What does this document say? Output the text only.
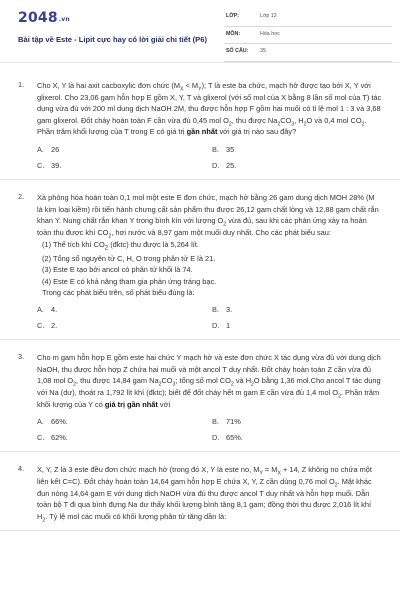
2048.vn
Bài tập về Este - Lipit cực hay có lời giải chi tiết (P6)
LỚP:	Lớp 12
MÔN:	Hóa học
SỐ CÂU: 35
1. Cho X, Y là hai axit cacboxylic đơn chức $(M_X < M_Y)$; T là este ba chức, mạch hở được tạo bởi X, Y với glixerol. Cho 23,06 gam hỗn hợp E gồm X, Y, T và glixerol (với số mol của X bằng 8 lần số mol của T) tác dụng vừa đủ với 200 ml dung dịch NaOH 2M, thu được hỗn hợp F gồm hai muối có tỉ lệ mol 1 : 3 và 3,68 gam glixerol. Đốt cháy hoàn toàn F cần vừa đủ 0,45 mol $O_2$, thu được $Na_2CO_3$, $H_2O$ và 0,4 mol $CO_2$. Phần trăm khối lượng của T trong E có giá trị gần nhất với giá trị nào sau đây?

A. 26	B. 35
C. 39.	D. 25.
2. Xà phòng hóa hoàn toàn 0,1 mol một este E đơn chức, mạch hở bằng 26 gam dung dịch MOH 28% (M là kim loại kiềm) rồi tiến hành chưng cất sản phẩm thu được 26,12 gam chất lỏng và 12,88 gam chất rắn khan Y. Nung chất rắn khan Y trong bình kín với lượng $O_2$ vừa đủ, sau khi các phản ứng xảy ra hoàn toàn thu được khí $CO_2$, hơi nước và 8,97 gam một muối duy nhất. Cho các phát biểu sau:

(1) Thể tích khí $CO_2$ (đktc) thu được là 5,264 lít.
(2) Tổng số nguyên tử C, H, O trong phân tử E là 21.
(3) Este E tạo bởi ancol có phân tử khối là 74.
(4) Este E có khả năng tham gia phản ứng tráng bạc.
Trong các phát biểu trên, số phát biểu đúng là:
A. 4.	B. 3.
C. 2.	D. 1
3. Cho m gam hỗn hợp E gồm este hai chức Y mạch hở và este đơn chức X tác dụng vừa đủ với dung dịch NaOH, thu được hỗn hợp Z chứa hai muối và một ancol T duy nhất. Đốt cháy hoàn toàn Z cần vừa đủ 1,08 mol $O_2$, thu được 14,84 gam $Na_2CO_3$; tổng số mol $CO_2$ và $H_2O$ bằng 1,36 mol.Cho ancol T tác dụng với Na (dư), thoát ra 1,792 lít khí (đktc); biết để đốt cháy hết m gam E cần vừa đủ 1,4 mol $O_2$. Phần trăm khối lượng của Y có giá trị gần nhất với

A. 66%.	B. 71%
C. 62%.	D. 65%.
4. X, Y, Z là 3 este đều đơn chức mạch hở (trong đó X, Y là este no, $M_Y = M_X + 14$, Z không no chứa một liên kết C=C). Đốt cháy hoàn toàn 14,64 gam hỗn hợp E chứa X, Y, Z cần dùng 0,76 mol $O_2$. Mặt khác đun nóng 14,64 gam E với dung dịch NaOH vừa đủ thu được ancol T duy nhất và hỗn hợp muối. Dẫn toàn bộ T đi qua bình đựng Na dư thấy khối lượng bình tăng 8,1 gam; đồng thời thu được 2,016 lít khí $H_2$. Tỷ lệ mol các muối có khối lượng phân tử tăng dần là:
